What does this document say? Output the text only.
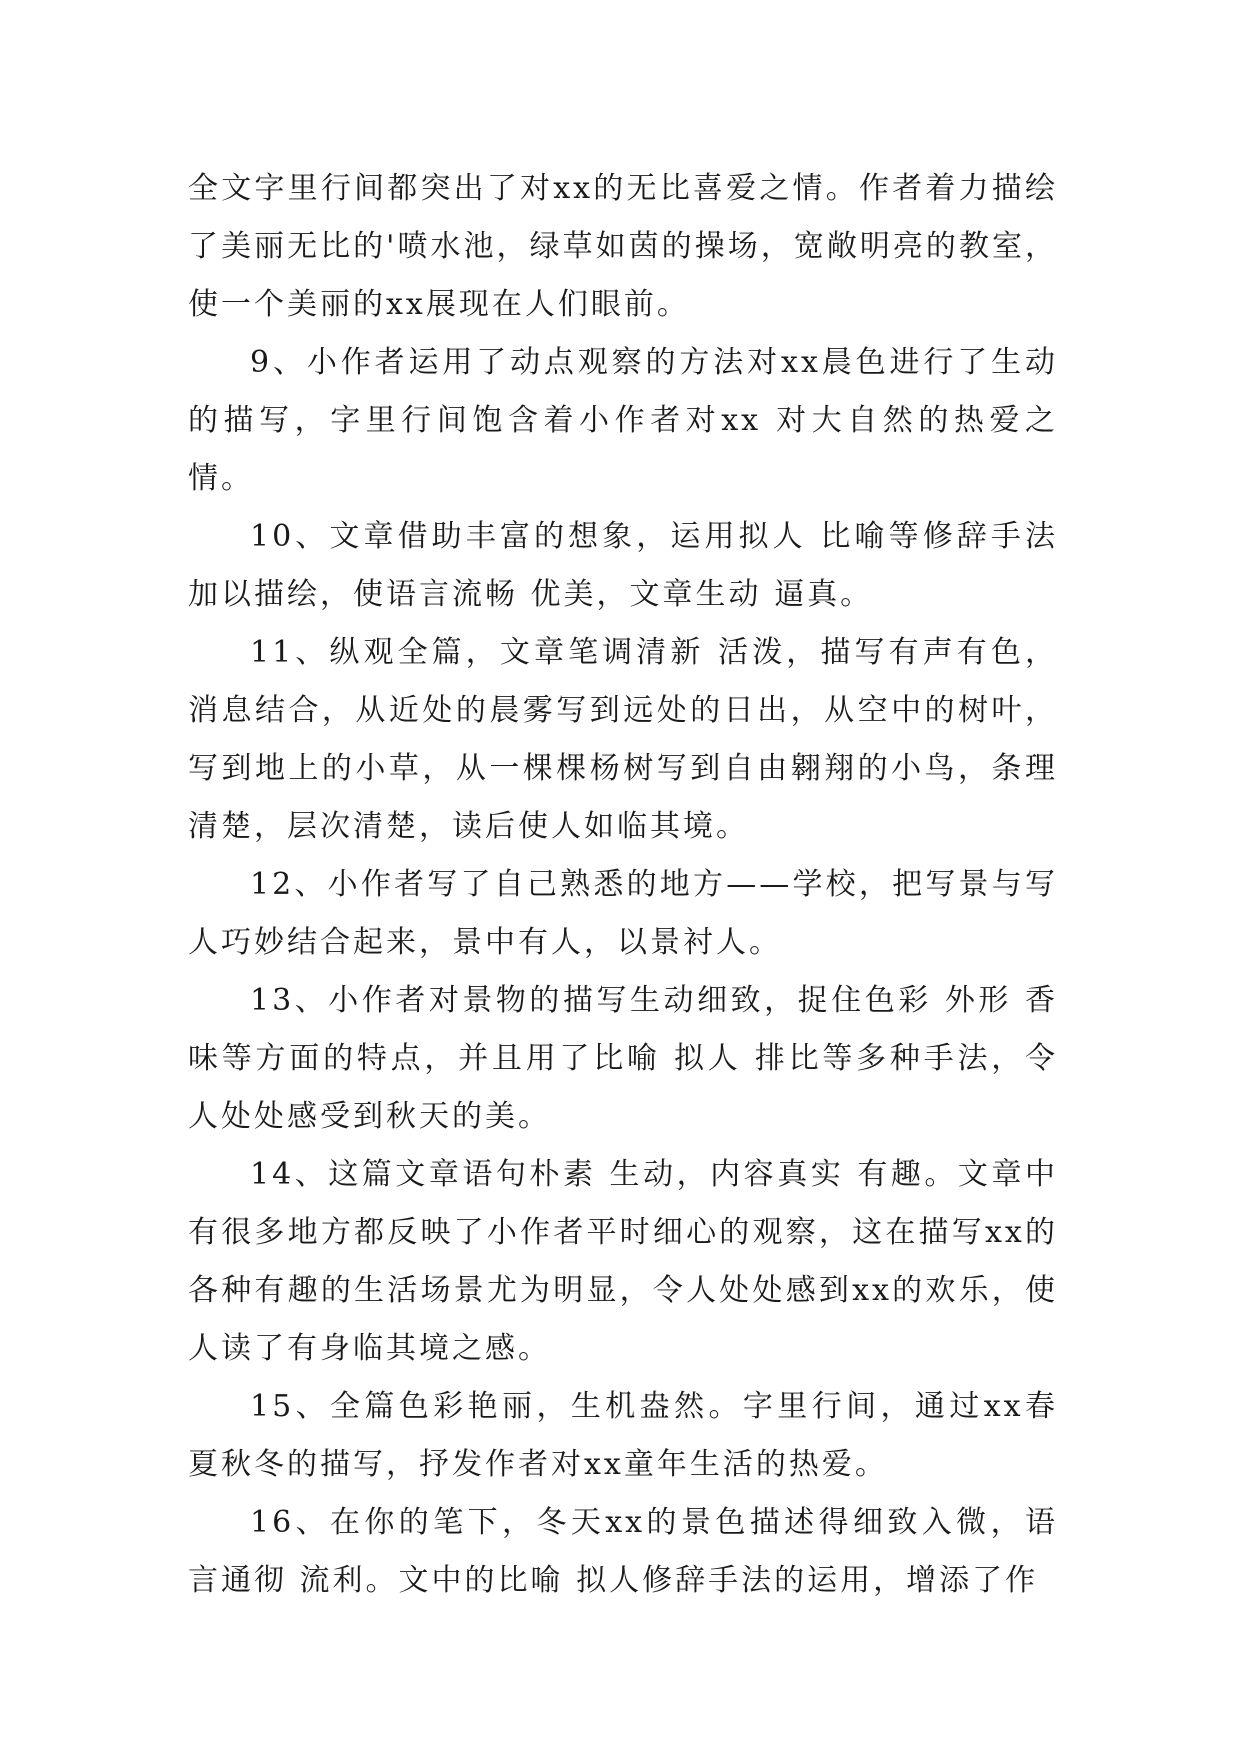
全文字里行间都突出了对xx的无比喜爱之情。作者着力描绘了美丽无比的'喷水池，绿草如茵的操场，宽敞明亮的教室，使一个美丽的xx展现在人们眼前。

9、小作者运用了动点观察的方法对xx晨色进行了生动的描写，字里行间饱含着小作者对xx 对大自然的热爱之情。

10、文章借助丰富的想象，运用拟人 比喻等修辞手法加以描绘，使语言流畅 优美，文章生动 逼真。

11、纵观全篇，文章笔调清新 活泼，描写有声有色，消息结合，从近处的晨雾写到远处的日出，从空中的树叶，写到地上的小草，从一棵棵杨树写到自由翱翔的小鸟，条理清楚，层次清楚，读后使人如临其境。

12、小作者写了自己熟悉的地方——学校，把写景与写人巧妙结合起来，景中有人，以景衬人。

13、小作者对景物的描写生动细致，捉住色彩 外形 香味等方面的特点，并且用了比喻 拟人 排比等多种手法，令人处处感受到秋天的美。

14、这篇文章语句朴素 生动，内容真实 有趣。文章中有很多地方都反映了小作者平时细心的观察，这在描写xx的各种有趣的生活场景尤为明显，令人处处感到xx的欢乐，使人读了有身临其境之感。

15、全篇色彩艳丽，生机盎然。字里行间，通过xx春夏秋冬的描写，抒发作者对xx童年生活的热爱。

16、在你的笔下，冬天xx的景色描述得细致入微，语言通彻 流利。文中的比喻 拟人修辞手法的运用，增添了作
